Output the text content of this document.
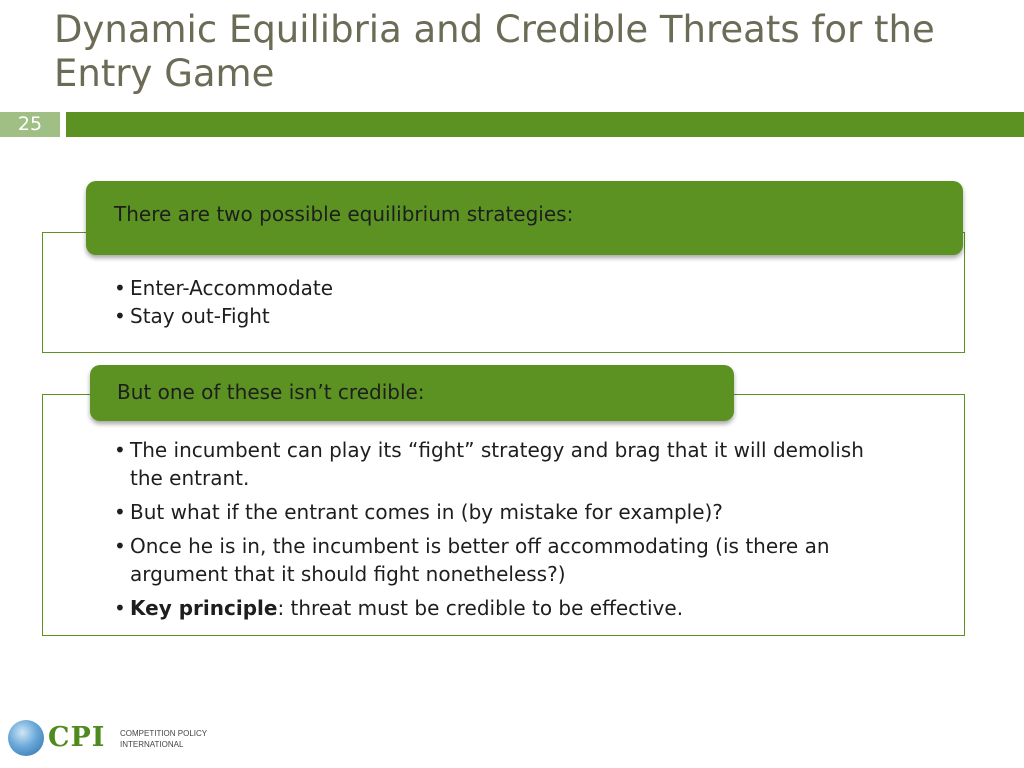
Dynamic Equilibria and Credible Threats for the Entry Game
25
There are two possible equilibrium strategies:
• Enter-Accommodate
• Stay out-Fight
But one of these isn’t credible:
• The incumbent can play its “fight” strategy and brag that it will demolish the entrant.
• But what if the entrant comes in (by mistake for example)?
• Once he is in, the incumbent is better off accommodating (is there an argument that it should fight nonetheless?)
• Key principle: threat must be credible to be effective.
CPI COMPETITION POLICY
INTERNATIONAL
